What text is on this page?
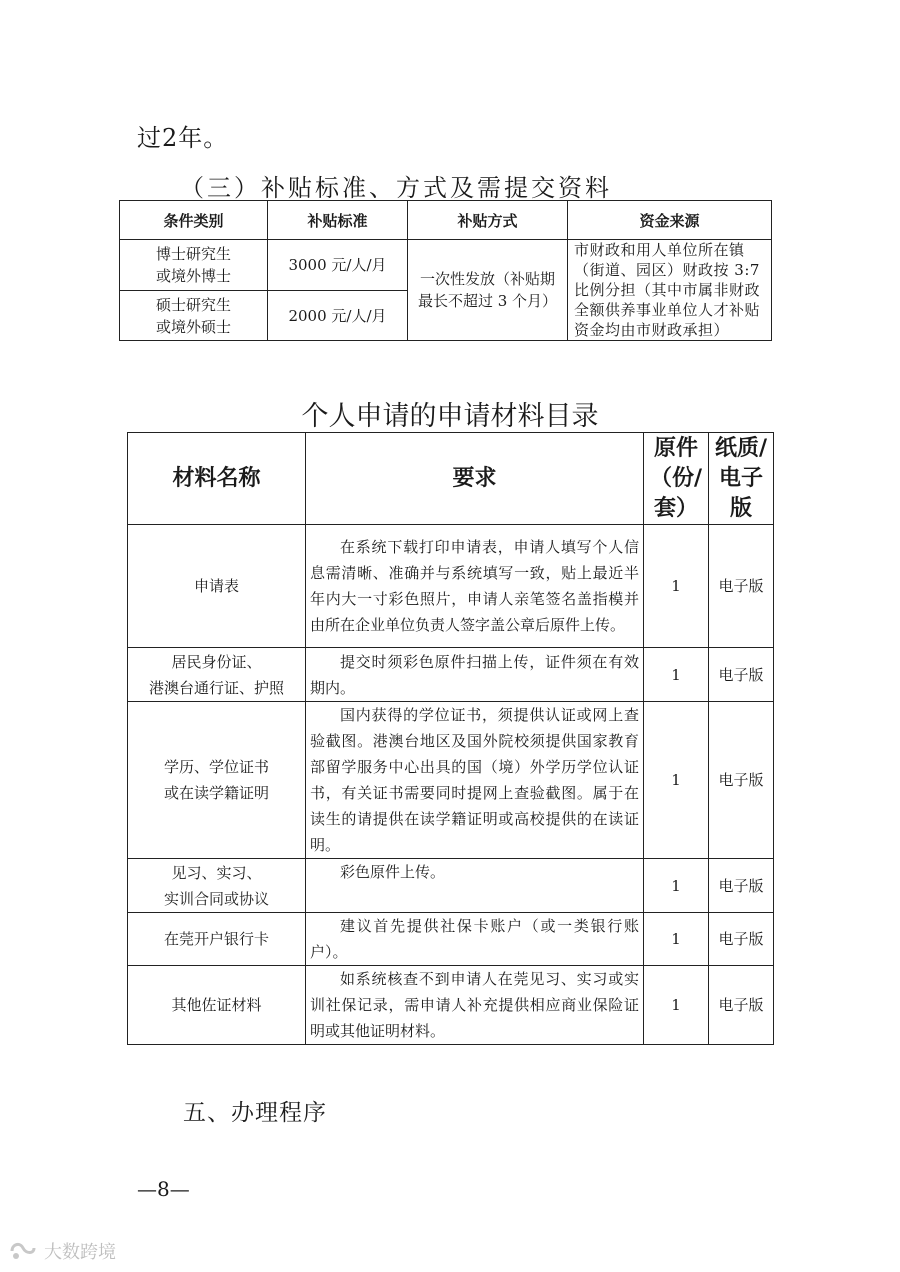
过2年。
（三）补贴标准、方式及需提交资料
条件类别	补贴标准	补贴方式	资金来源
博士研究生
或境外博士	3000 元/人/月	一次性发放（补贴期最长不超过 3 个月）	市财政和用人单位所在镇（街道、园区）财政按 3:7 比例分担（其中市属非财政全额供养事业单位人才补贴资金均由市财政承担）
硕士研究生
或境外硕士	2000 元/人/月		
个人申请的申请材料目录
材料名称	要求	原件（份/套）	纸质/电子版
申请表	在系统下载打印申请表，申请人填写个人信息需清晰、准确并与系统填写一致，贴上最近半年内大一寸彩色照片，申请人亲笔签名盖指模并由所在企业单位负责人签字盖公章后原件上传。	1	电子版
居民身份证、
港澳台通行证、护照	提交时须彩色原件扫描上传，证件须在有效期内。	1	电子版
学历、学位证书
或在读学籍证明	国内获得的学位证书，须提供认证或网上查验截图。港澳台地区及国外院校须提供国家教育部留学服务中心出具的国（境）外学历学位认证书，有关证书需要同时提网上查验截图。属于在读生的请提供在读学籍证明或高校提供的在读证明。	1	电子版
见习、实习、
实训合同或协议	彩色原件上传。	1	电子版
在莞开户银行卡	建议首先提供社保卡账户（或一类银行账户）。	1	电子版
其他佐证材料	如系统核查不到申请人在莞见习、实习或实训社保记录，需申请人补充提供相应商业保险证明或其他证明材料。	1	电子版
五、办理程序
—8—
大数跨境
